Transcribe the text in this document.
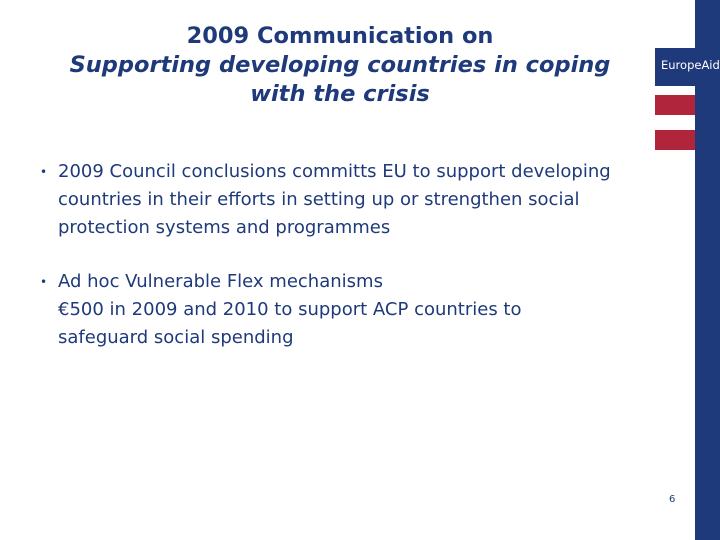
EuropeAid
2009 Communication on
Supporting developing countries in coping
with the crisis
• 2009 Council conclusions committs EU to support developing
countries in their efforts in setting up or strengthen social
protection systems and programmes
• Ad hoc Vulnerable Flex mechanisms
€500 in 2009 and 2010 to support ACP countries to
safeguard social spending
6
